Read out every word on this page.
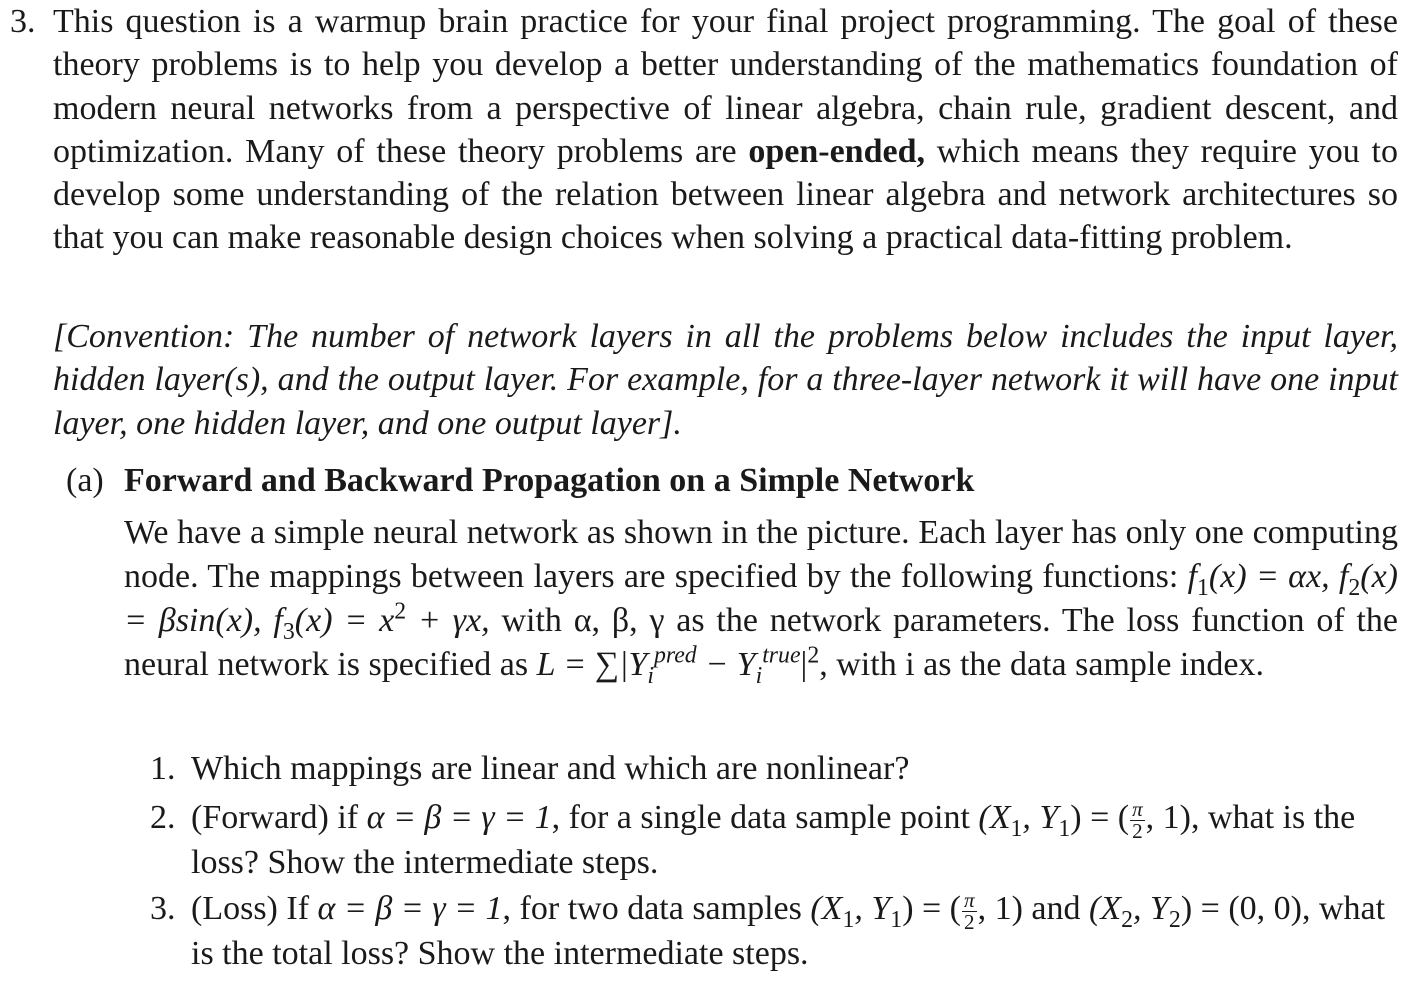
3. This question is a warmup brain practice for your final project programming. The goal of these theory problems is to help you develop a better understanding of the mathematics foundation of modern neural networks from a perspective of linear algebra, chain rule, gradient descent, and optimization. Many of these theory problems are open-ended, which means they require you to develop some understanding of the relation between linear algebra and network architectures so that you can make reasonable design choices when solving a practical data-fitting problem.
[Convention: The number of network layers in all the problems below includes the input layer, hidden layer(s), and the output layer. For example, for a three-layer network it will have one input layer, one hidden layer, and one output layer].
(a) Forward and Backward Propagation on a Simple Network
We have a simple neural network as shown in the picture. Each layer has only one computing node. The mappings between layers are specified by the following functions: $f_1(x) = \alpha x$, $f_2(x) = \beta\sin(x)$, $f_3(x) = x^2 + \gamma x$, with α, β, γ as the network parameters. The loss function of the neural network is specified as $L = \sum|Y_i^{pred} - Y_i^{true}|^2$, with i as the data sample index.
1. Which mappings are linear and which are nonlinear?
2. (Forward) if α = β = γ = 1, for a single data sample point ($X_1$, $Y_1$) = ( $\frac{\pi}{2}$ , 1), what is the loss? Show the intermediate steps.
3. (Loss) If α = β = γ = 1, for two data samples ($X_1$, $Y_1$) = ( $\frac{\pi}{2}$ , 1) and ($X_2$, $Y_2) = (0$, 0), what is the total loss? Show the intermediate steps.
